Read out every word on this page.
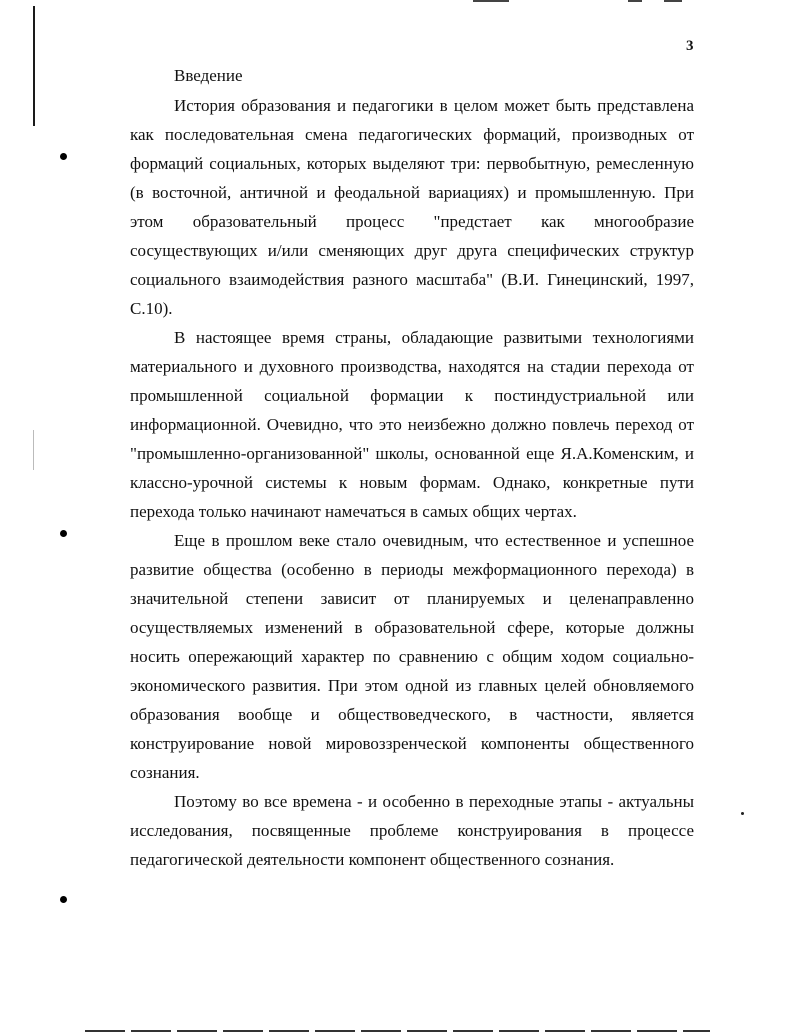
3
Введение

История образования и педагогики в целом может быть представлена как последовательная смена педагогических формаций, производных от формаций социальных, которых выделяют три: первобытную, ремесленную (в восточной, античной и феодальной вариациях) и промышленную. При этом образовательный процесс "предстает как многообразие сосуществующих и/или сменяющих друг друга специфических структур социального взаимодействия разного масштаба" (В.И. Гинецинский, 1997, С.10).

В настоящее время страны, обладающие развитыми технологиями материального и духовного производства, находятся на стадии перехода от промышленной социальной формации к постиндустриальной или информационной. Очевидно, что это неизбежно должно повлечь переход от "промышленно-организованной" школы, основанной еще Я.А.Коменским, и классно-урочной системы к новым формам. Однако, конкретные пути перехода только начинают намечаться в самых общих чертах.

Еще в прошлом веке стало очевидным, что естественное и успешное развитие общества (особенно в периоды межформационного перехода) в значительной степени зависит от планируемых и целенаправленно осуществляемых изменений в образовательной сфере, которые должны носить опережающий характер по сравнению с общим ходом социально-экономического развития. При этом одной из главных целей обновляемого образования вообще и обществоведческого, в частности, является конструирование новой мировоззренческой компоненты общественного сознания.

Поэтому во все времена - и особенно в переходные этапы - актуальны исследования, посвященные проблеме конструирования в процессе педагогической деятельности компонент общественного сознания.
